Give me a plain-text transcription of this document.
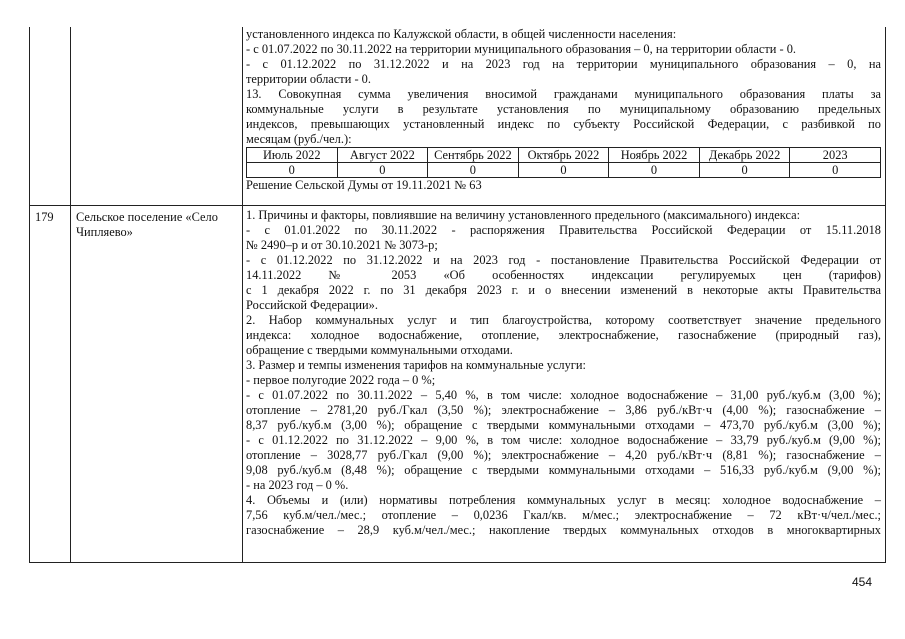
установленного индекса по Калужской области, в общей численности населения:
- с 01.07.2022 по 30.11.2022 на территории муниципального образования – 0, на территории области - 0.
- с 01.12.2022 по 31.12.2022 и на 2023 год на территории муниципального образования – 0, на
территории области - 0.
13. Совокупная сумма увеличения вносимой гражданами муниципального образования платы за
коммунальные услуги в результате установления по муниципальному образованию предельных
индексов, превышающих установленный индекс по субъекту Российской Федерации, с разбивкой по
месяцам (руб./чел.):
Июль 2022	Август 2022	Сентябрь 2022	Октябрь 2022	Ноябрь 2022	Декабрь 2022	2023
0	0	0	0	0	0	0
Решение Сельской Думы от 19.11.2021 № 63
179 Сельское поселение «Село Чипляево»
1. Причины и факторы, повлиявшие на величину установленного предельного (максимального) индекса:
- с 01.01.2022 по 30.11.2022 - распоряжения Правительства Российской Федерации от 15.11.2018
№ 2490–р и от 30.10.2021 № 3073-р;
- с 01.12.2022 по 31.12.2022 и на 2023 год - постановление Правительства Российской Федерации от
14.11.2022 № 2053 «Об особенностях индексации регулируемых цен (тарифов)
с 1 декабря 2022 г. по 31 декабря 2023 г. и о внесении изменений в некоторые акты Правительства
Российской Федерации».
2. Набор коммунальных услуг и тип благоустройства, которому соответствует значение предельного
индекса: холодное водоснабжение, отопление, электроснабжение, газоснабжение (природный газ),
обращение с твердыми коммунальными отходами.
3. Размер и темпы изменения тарифов на коммунальные услуги:
- первое полугодие 2022 года – 0 %;
- с 01.07.2022 по 30.11.2022 – 5,40 %, в том числе: холодное водоснабжение – 31,00 руб./куб.м (3,00 %);
отопление – 2781,20 руб./Гкал (3,50 %); электроснабжение – 3,86 руб./кВт·ч (4,00 %); газоснабжение –
8,37 руб./куб.м (3,00 %); обращение с твердыми коммунальными отходами – 473,70 руб./куб.м (3,00 %);
- с 01.12.2022 по 31.12.2022 – 9,00 %, в том числе: холодное водоснабжение – 33,79 руб./куб.м (9,00 %);
отопление – 3028,77 руб./Гкал (9,00 %); электроснабжение – 4,20 руб./кВт·ч (8,81 %); газоснабжение –
9,08 руб./куб.м (8,48 %); обращение с твердыми коммунальными отходами – 516,33 руб./куб.м (9,00 %);
- на 2023 год – 0 %.
4. Объемы и (или) нормативы потребления коммунальных услуг в месяц: холодное водоснабжение –
7,56 куб.м/чел./мес.; отопление – 0,0236 Гкал/кв. м/мес.; электроснабжение – 72 кВт·ч/чел./мес.;
газоснабжение – 28,9 куб.м/чел./мес.; накопление твердых коммунальных отходов в многоквартирных
454
